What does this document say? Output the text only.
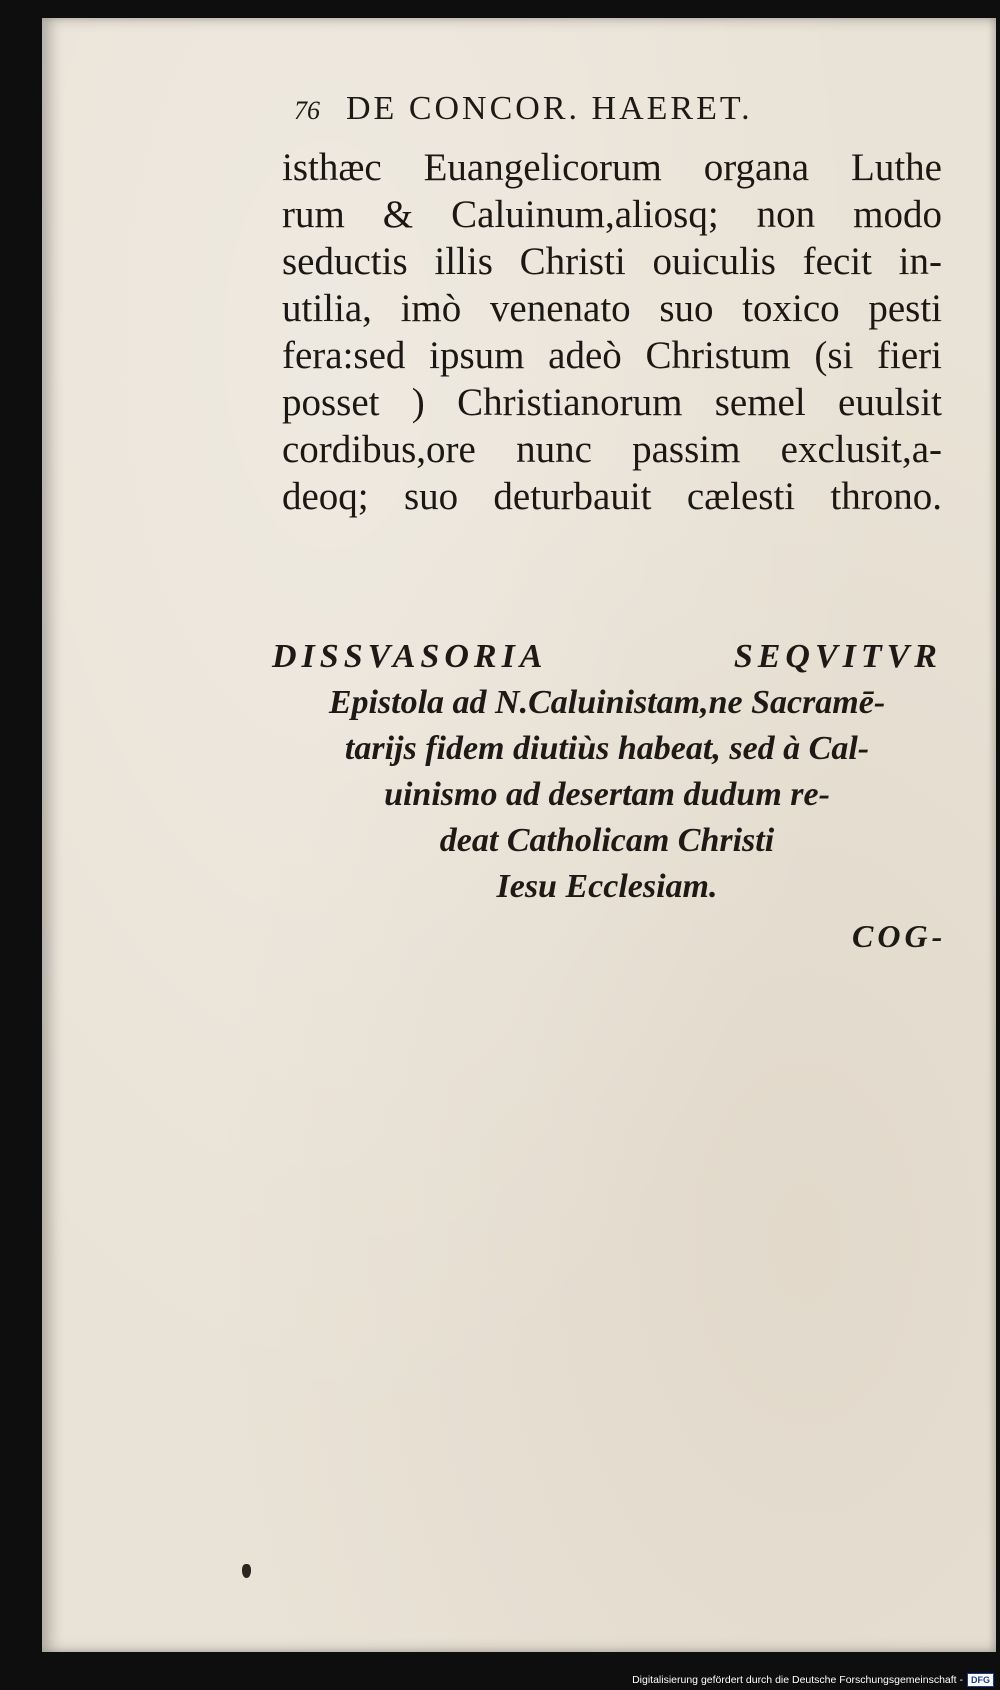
76 DE CONCOR. HAERET.
isthæc Euangelicorum organa Luthe
rum & Caluinum,aliosq; non modo
seductis illis Christi ouiculis fecit in-
utilia, imò venenato suo toxico pesti
fera:sed ipsum adeò Christum (si fieri
posset ) Christianorum semel euulsit
cordibus,ore nunc passim exclusit,a-
deoq; suo deturbauit cælesti throno.
DISSVASORIA SEQVITVR
Epistola ad N.Caluinistam,ne Sacramē-
tarijs fidem diutiùs habeat, sed à Cal-
uinismo ad desertam dudum re-
deat Catholicam Christi
Iesu Ecclesiam.
COG-
Digitalisierung gefördert durch die Deutsche Forschungsgemeinschaft - DFG
